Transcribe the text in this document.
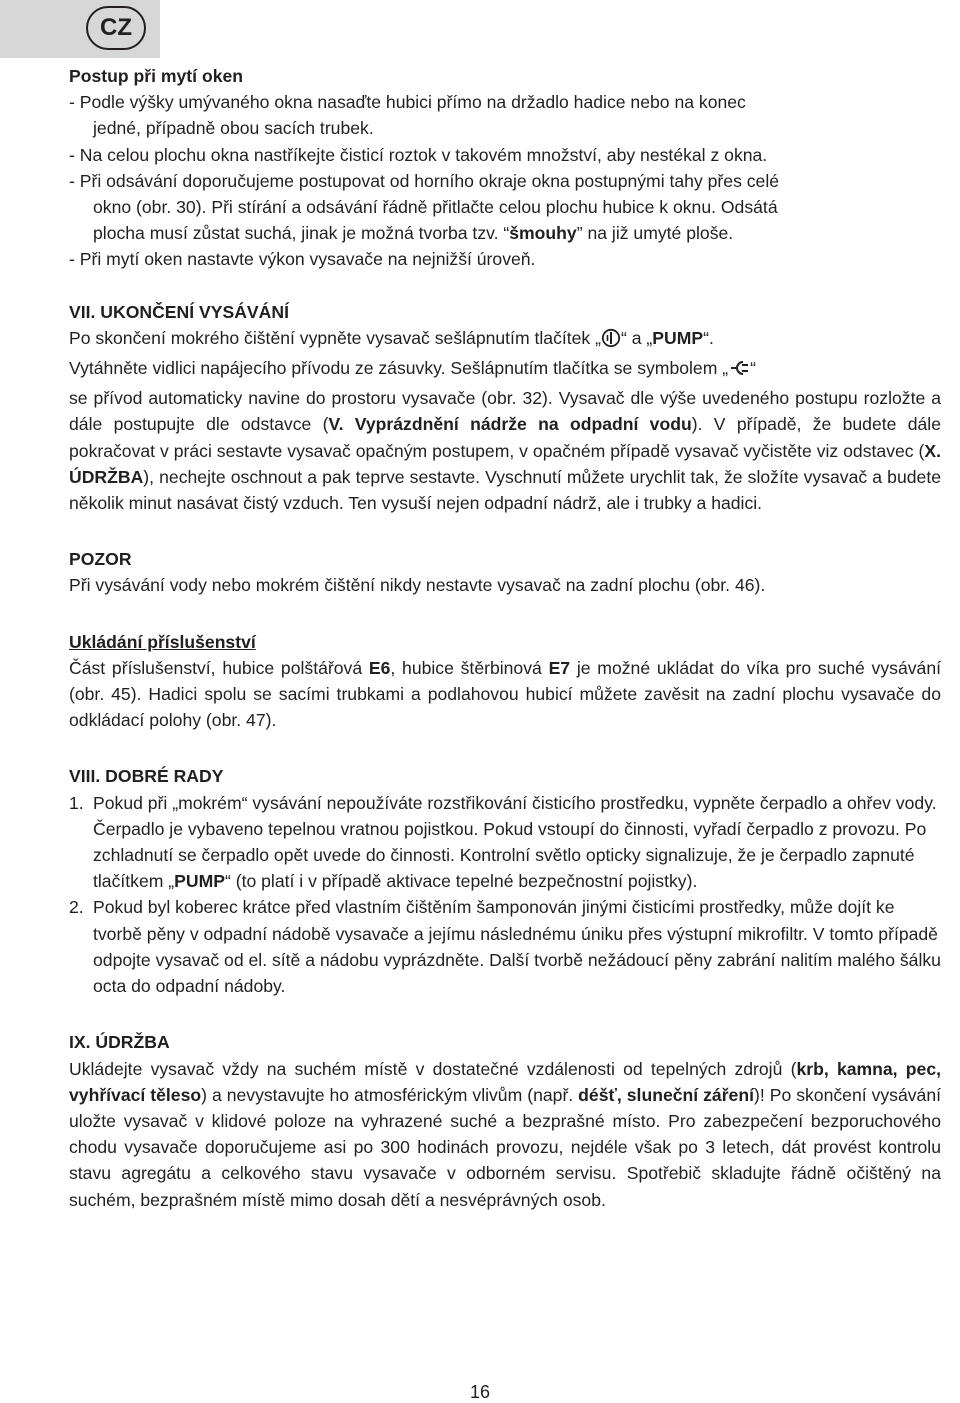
CZ

Postup při mytí oken

- Podle výšky umývaného okna nasaďte hubici přímo na držadlo hadice nebo na konec

jedné, případně obou sacích trubek.

- Na celou plochu okna nastříkejte čisticí roztok v takovém množství, aby nestékal z okna.

- Při odsávání doporučujeme postupovat od horního okraje okna postupnými tahy přes celé

okno (obr. 30). Při stírání a odsávání řádně přitlačte celou plochu hubice k oknu. Odsátá

plocha musí zůstat suchá, jinak je možná tvorba tzv. “šmouhy” na již umyté ploše.

- Při mytí oken nastavte výkon vysavače na nejnižší úroveň.

VII. UKONČENÍ VYSÁVÁNÍ

Po skončení mokrého čištění vypněte vysavač sešlápnutím tlačítek „ “ a „PUMP“.
Vytáhněte vidlici napájecího přívodu ze zásuvky. Sešlápnutím tlačítka se symbolem „ “
se přívod automaticky navine do prostoru vysavače (obr. 32). Vysavač dle výše uvedeného postupu rozložte a dále postupujte dle odstavce (V. Vyprázdnění nádrže na odpadní vodu). V případě, že budete dále pokračovat v práci sestavte vysavač opačným postupem, v opačném případě vysavač vyčistěte viz odstavec (X. ÚDRŽBA), nechejte oschnout a pak teprve sestavte. Vyschnutí můžete urychlit tak, že složíte vysavač a budete několik minut nasávat čistý vzduch. Ten vysuší nejen odpadní nádrž, ale i trubky a hadici.

POZOR

Při vysávání vody nebo mokrém čištění nikdy nestavte vysavač na zadní plochu (obr. 46).

Ukládání příslušenství

Část příslušenství, hubice polštářová E6, hubice štěrbinová E7 je možné ukládat do víka pro suché vysávání (obr. 45). Hadici spolu se sacími trubkami a podlahovou hubicí můžete zavěsit na zadní plochu vysavače do odkládací polohy (obr. 47).

VIII. DOBRÉ RADY

1. Pokud při „mokrém“ vysávání nepoužíváte rozstřikování čisticího prostředku, vypněte čerpadlo a ohřev vody. Čerpadlo je vybaveno tepelnou vratnou pojistkou. Pokud vstoupí do činnosti, vyřadí čerpadlo z provozu. Po zchladnutí se čerpadlo opět uvede do činnosti. Kontrolní světlo opticky signalizuje, že je čerpadlo zapnuté tlačítkem „PUMP“ (to platí i v případě aktivace tepelné bezpečnostní pojistky).

2. Pokud byl koberec krátce před vlastním čištěním šamponován jinými čisticími prostředky, může dojít ke tvorbě pěny v odpadní nádobě vysavače a jejímu následnému úniku přes výstupní mikrofiltr. V tomto případě odpojte vysavač od el. sítě a nádobu vyprázdněte. Další tvorbě nežádoucí pěny zabrání nalitím malého šálku octa do odpadní nádoby.

IX. ÚDRŽBA

Ukládejte vysavač vždy na suchém místě v dostatečné vzdálenosti od tepelných zdrojů (krb, kamna, pec, vyhřívací těleso) a nevystavujte ho atmosférickým vlivům (např. déšť, sluneční záření)! Po skončení vysávání uložte vysavač v klidové poloze na vyhrazené suché a bezprašné místo. Pro zabezpečení bezporuchového chodu vysavače doporučujeme asi po 300 hodinách provozu, nejdéle však po 3 letech, dát provést kontrolu stavu agregátu a celkového stavu vysavače v odborném servisu. Spotřebič skladujte řádně očištěný na suchém, bezprašném místě mimo dosah dětí a nesvéprávných osob.

16
